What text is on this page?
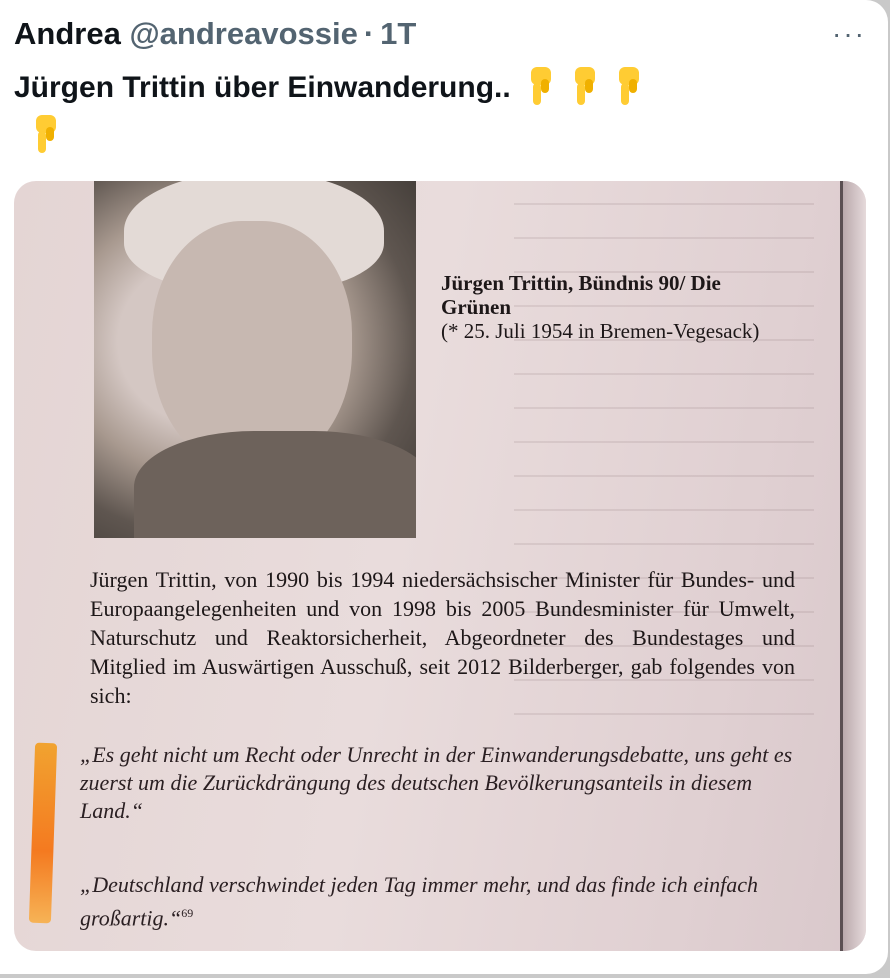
Andrea @andreavossie · 1T	···
Jürgen Trittin über Einwanderung..

Jürgen Trittin, Bündnis 90/ Die Grünen
(* 25. Juli 1954 in Bremen-Vegesack)
Jürgen Trittin, von 1990 bis 1994 niedersächsischer Minister für Bundes- und Europaangelegenheiten und von 1998 bis 2005 Bundesminister für Umwelt, Naturschutz und Reaktorsicherheit, Abgeordneter des Bundestages und Mitglied im Auswärtigen Ausschuß, seit 2012 Bilderberger, gab folgendes von sich:
„Es geht nicht um Recht oder Unrecht in der Einwanderungsdebatte, uns geht es zuerst um die Zurückdrängung des deutschen Bevölkerungsanteils in diesem Land.“
„Deutschland verschwindet jeden Tag immer mehr, und das finde ich einfach großartig.“$^{69}$
